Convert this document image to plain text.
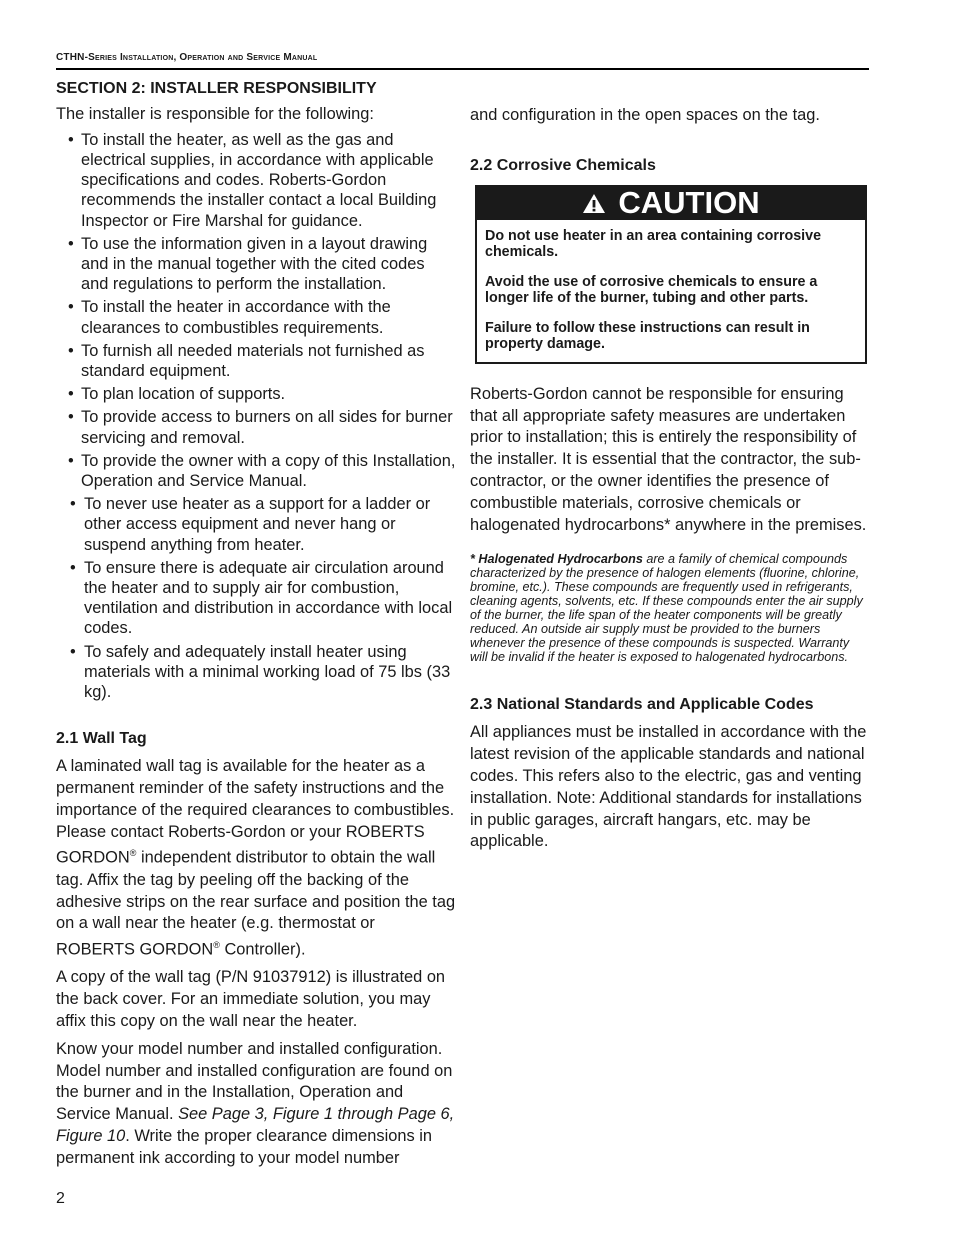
CTHN-Series Installation, Operation and Service Manual
SECTION 2: INSTALLER RESPONSIBILITY

The installer is responsible for the following:

• To install the heater, as well as the gas and electrical supplies, in accordance with applicable specifications and codes. Roberts-Gordon recommends the installer contact a local Building Inspector or Fire Marshal for guidance.
• To use the information given in a layout drawing and in the manual together with the cited codes and regulations to perform the installation.
• To install the heater in accordance with the clearances to combustibles requirements.
• To furnish all needed materials not furnished as standard equipment.
• To plan location of supports.
• To provide access to burners on all sides for burner servicing and removal.
• To provide the owner with a copy of this Installation, Operation and Service Manual.
• To never use heater as a support for a ladder or other access equipment and never hang or suspend anything from heater.
• To ensure there is adequate air circulation around the heater and to supply air for combustion, ventilation and distribution in accordance with local codes.
• To safely and adequately install heater using materials with a minimal working load of 75 lbs (33 kg).
2.1 Wall Tag

A laminated wall tag is available for the heater as a permanent reminder of the safety instructions and the importance of the required clearances to combustibles. Please contact Roberts-Gordon or your ROBERTS GORDON® independent distributor to obtain the wall tag. Affix the tag by peeling off the backing of the adhesive strips on the rear surface and position the tag on a wall near the heater (e.g. thermostat or ROBERTS GORDON® Controller).

A copy of the wall tag (P/N 91037912) is illustrated on the back cover. For an immediate solution, you may affix this copy on the wall near the heater.

Know your model number and installed configuration. Model number and installed configuration are found on the burner and in the Installation, Operation and Service Manual. See Page 3, Figure 1 through Page 6, Figure 10. Write the proper clearance dimensions in permanent ink according to your model number

and configuration in the open spaces on the tag.

2.2 Corrosive Chemicals
CAUTION
Do not use heater in an area containing corrosive chemicals.
Avoid the use of corrosive chemicals to ensure a longer life of the burner, tubing and other parts.
Failure to follow these instructions can result in property damage.

Roberts-Gordon cannot be responsible for ensuring that all appropriate safety measures are undertaken prior to installation; this is entirely the responsibility of the installer. It is essential that the contractor, the sub-contractor, or the owner identifies the presence of combustible materials, corrosive chemicals or halogenated hydrocarbons* anywhere in the premises.

* Halogenated Hydrocarbons are a family of chemical compounds characterized by the presence of halogen elements (fluorine, chlorine, bromine, etc.). These compounds are frequently used in refrigerants, cleaning agents, solvents, etc. If these compounds enter the air supply of the burner, the life span of the heater components will be greatly reduced. An outside air supply must be provided to the burners whenever the presence of these compounds is suspected. Warranty will be invalid if the heater is exposed to halogenated hydrocarbons.
2.3 National Standards and Applicable Codes

All appliances must be installed in accordance with the latest revision of the applicable standards and national codes. This refers also to the electric, gas and venting installation. Note: Additional standards for installations in public garages, aircraft hangars, etc. may be applicable.

2
